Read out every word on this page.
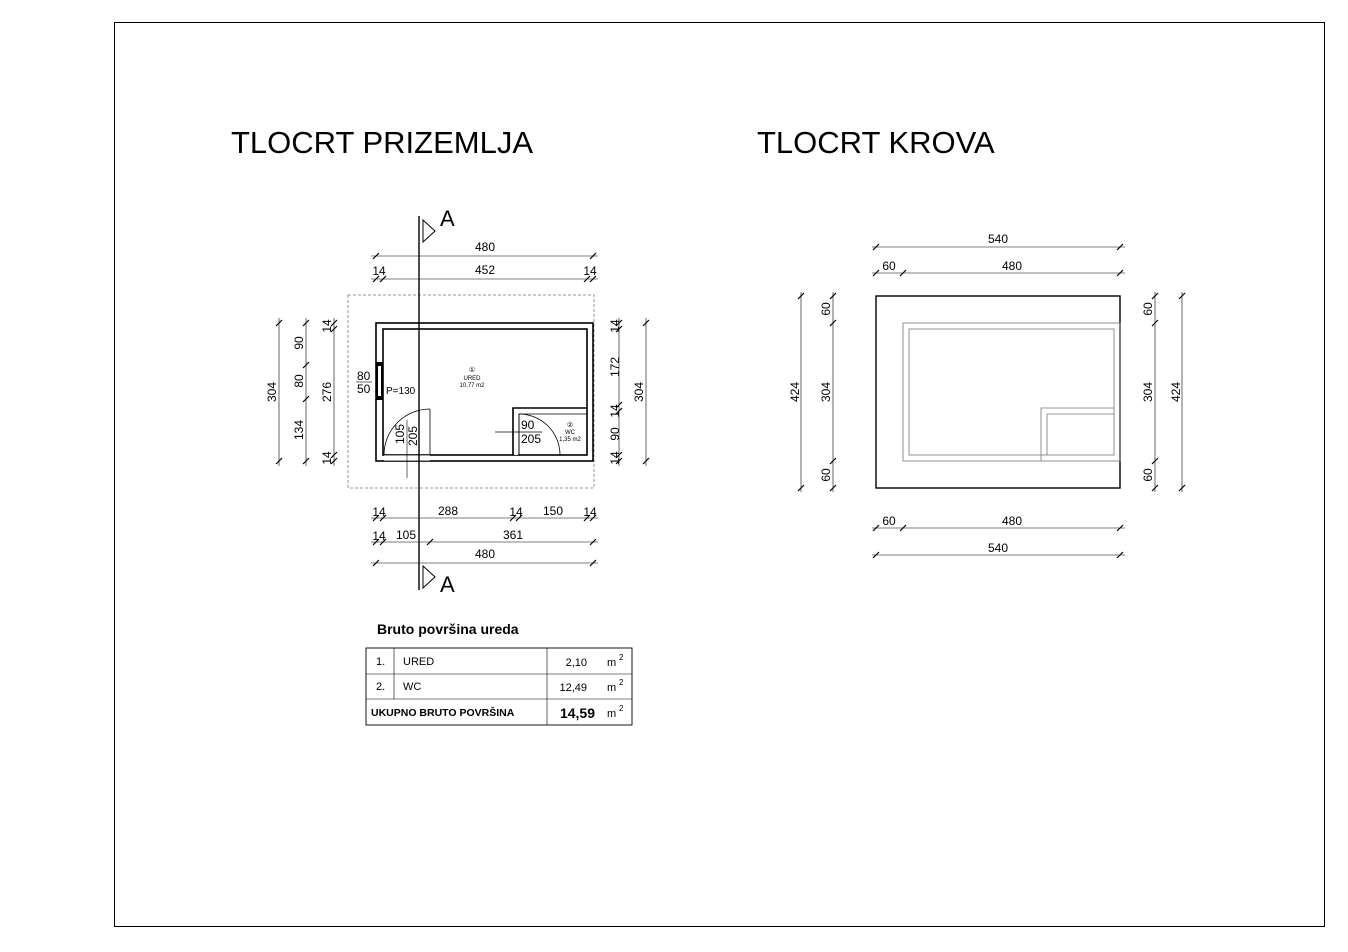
TLOCRT PRIZEMLJA	TLOCRT KROVA
A
A
①
URED
10,77 m2
②
WC
1,35 m2
80
50 P=130
105 205
90
205
480
14	452	14
14	288	14 150 14
14 105	361
480
304
90
80
134
14
276
14
14
172
14
90
14
304
540
60	480
60	480
540
424
60
304
60
60
304
60
424
Bruto površina ureda
1. URED	2,10 m 2
2. WC	12,49 m 2
UKUPNO BRUTO POVRŠINA	14,59 m 2
